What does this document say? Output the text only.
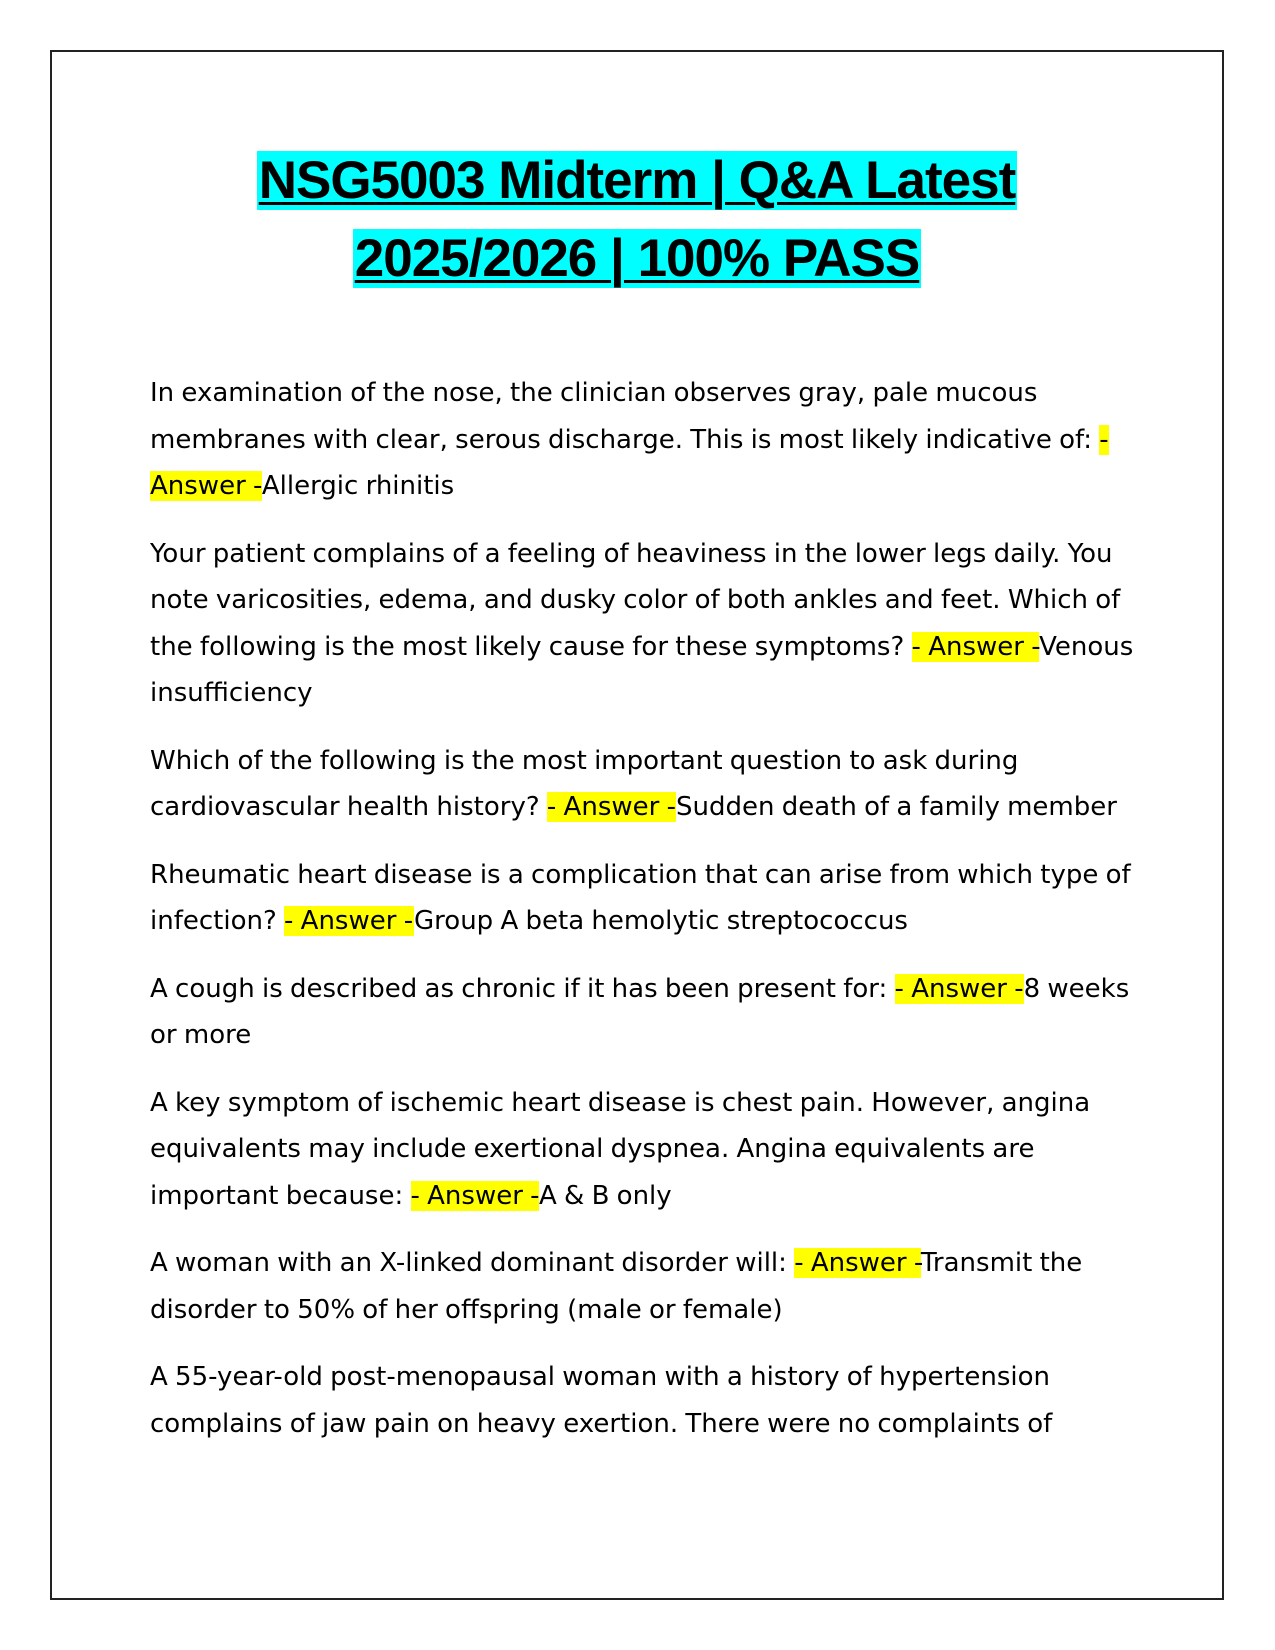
NSG5003 Midterm | Q&A Latest
2025/2026 | 100% PASS

In examination of the nose, the clinician observes gray, pale mucous membranes with clear, serous discharge. This is most likely indicative of: - Answer -Allergic rhinitis

Your patient complains of a feeling of heaviness in the lower legs daily. You note varicosities, edema, and dusky color of both ankles and feet. Which of the following is the most likely cause for these symptoms? - Answer -Venous insufficiency

Which of the following is the most important question to ask during cardiovascular health history? - Answer -Sudden death of a family member

Rheumatic heart disease is a complication that can arise from which type of infection? - Answer -Group A beta hemolytic streptococcus

A cough is described as chronic if it has been present for: - Answer -8 weeks or more

A key symptom of ischemic heart disease is chest pain. However, angina equivalents may include exertional dyspnea. Angina equivalents are important because: - Answer -A & B only

A woman with an X-linked dominant disorder will: - Answer -Transmit the disorder to 50% of her offspring (male or female)

A 55-year-old post-menopausal woman with a history of hypertension complains of jaw pain on heavy exertion. There were no complaints of
